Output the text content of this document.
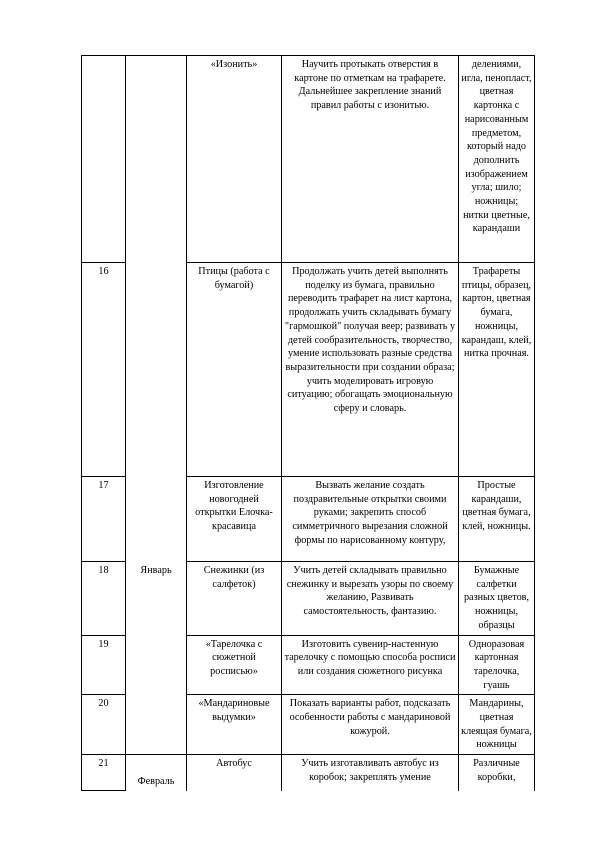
		«Изонить»	Научить протыкать отверстия в картоне по отметкам на трафарете. Дальнейшее закрепление знаний правил работы с изонитью.	делениями, игла, пенопласт, цветная картонка с нарисованным предметом, который надо дополнить изображением угла; шило; ножницы; нитки цветные, карандаши
16		Птицы (работа с бумагой)	Продолжать учить детей выполнять поделку из бумага, правильно переводить трафарет на лист картона, продолжать учить складывать бумагу "гармошкой" получая веер; развивать у детей сообразительность, творчество, умение использовать разные средства выразительности при создании образа; учить моделировать игровую ситуацию; обогащать эмоциональную сферу и словарь.	Трафареты птицы, образец, картон, цветная бумага, ножницы, карандаш, клей, нитка прочная.
17		Изготовление новогодней открытки Елочка-красавица	Вызвать желание создать поздравительные открытки своими руками; закрепить способ симметричного вырезания сложной формы по нарисованному контуру,	Простые карандаши, цветная бумага, клей, ножницы.
18	Январь	Снежинки (из салфеток)	Учить детей складывать правильно снежинку и вырезать узоры по своему желанию, Развивать самостоятельность, фантазию.	Бумажные салфетки разных цветов, ножницы, образцы
19		«Тарелочка с сюжетной росписью»	Изготовить сувенир-настенную тарелочку с помощью способа росписи или создания сюжетного рисунка	Одноразовая картонная тарелочка, гуашь
20		«Мандариновые выдумки»	Показать варианты работ, подсказать особенности работы с мандариновой кожурой.	Мандарины, цветная клеящая бумага, ножницы
21	Февраль	Автобус	Учить изготавливать автобус из коробок; закреплять умение	Различные коробки,
